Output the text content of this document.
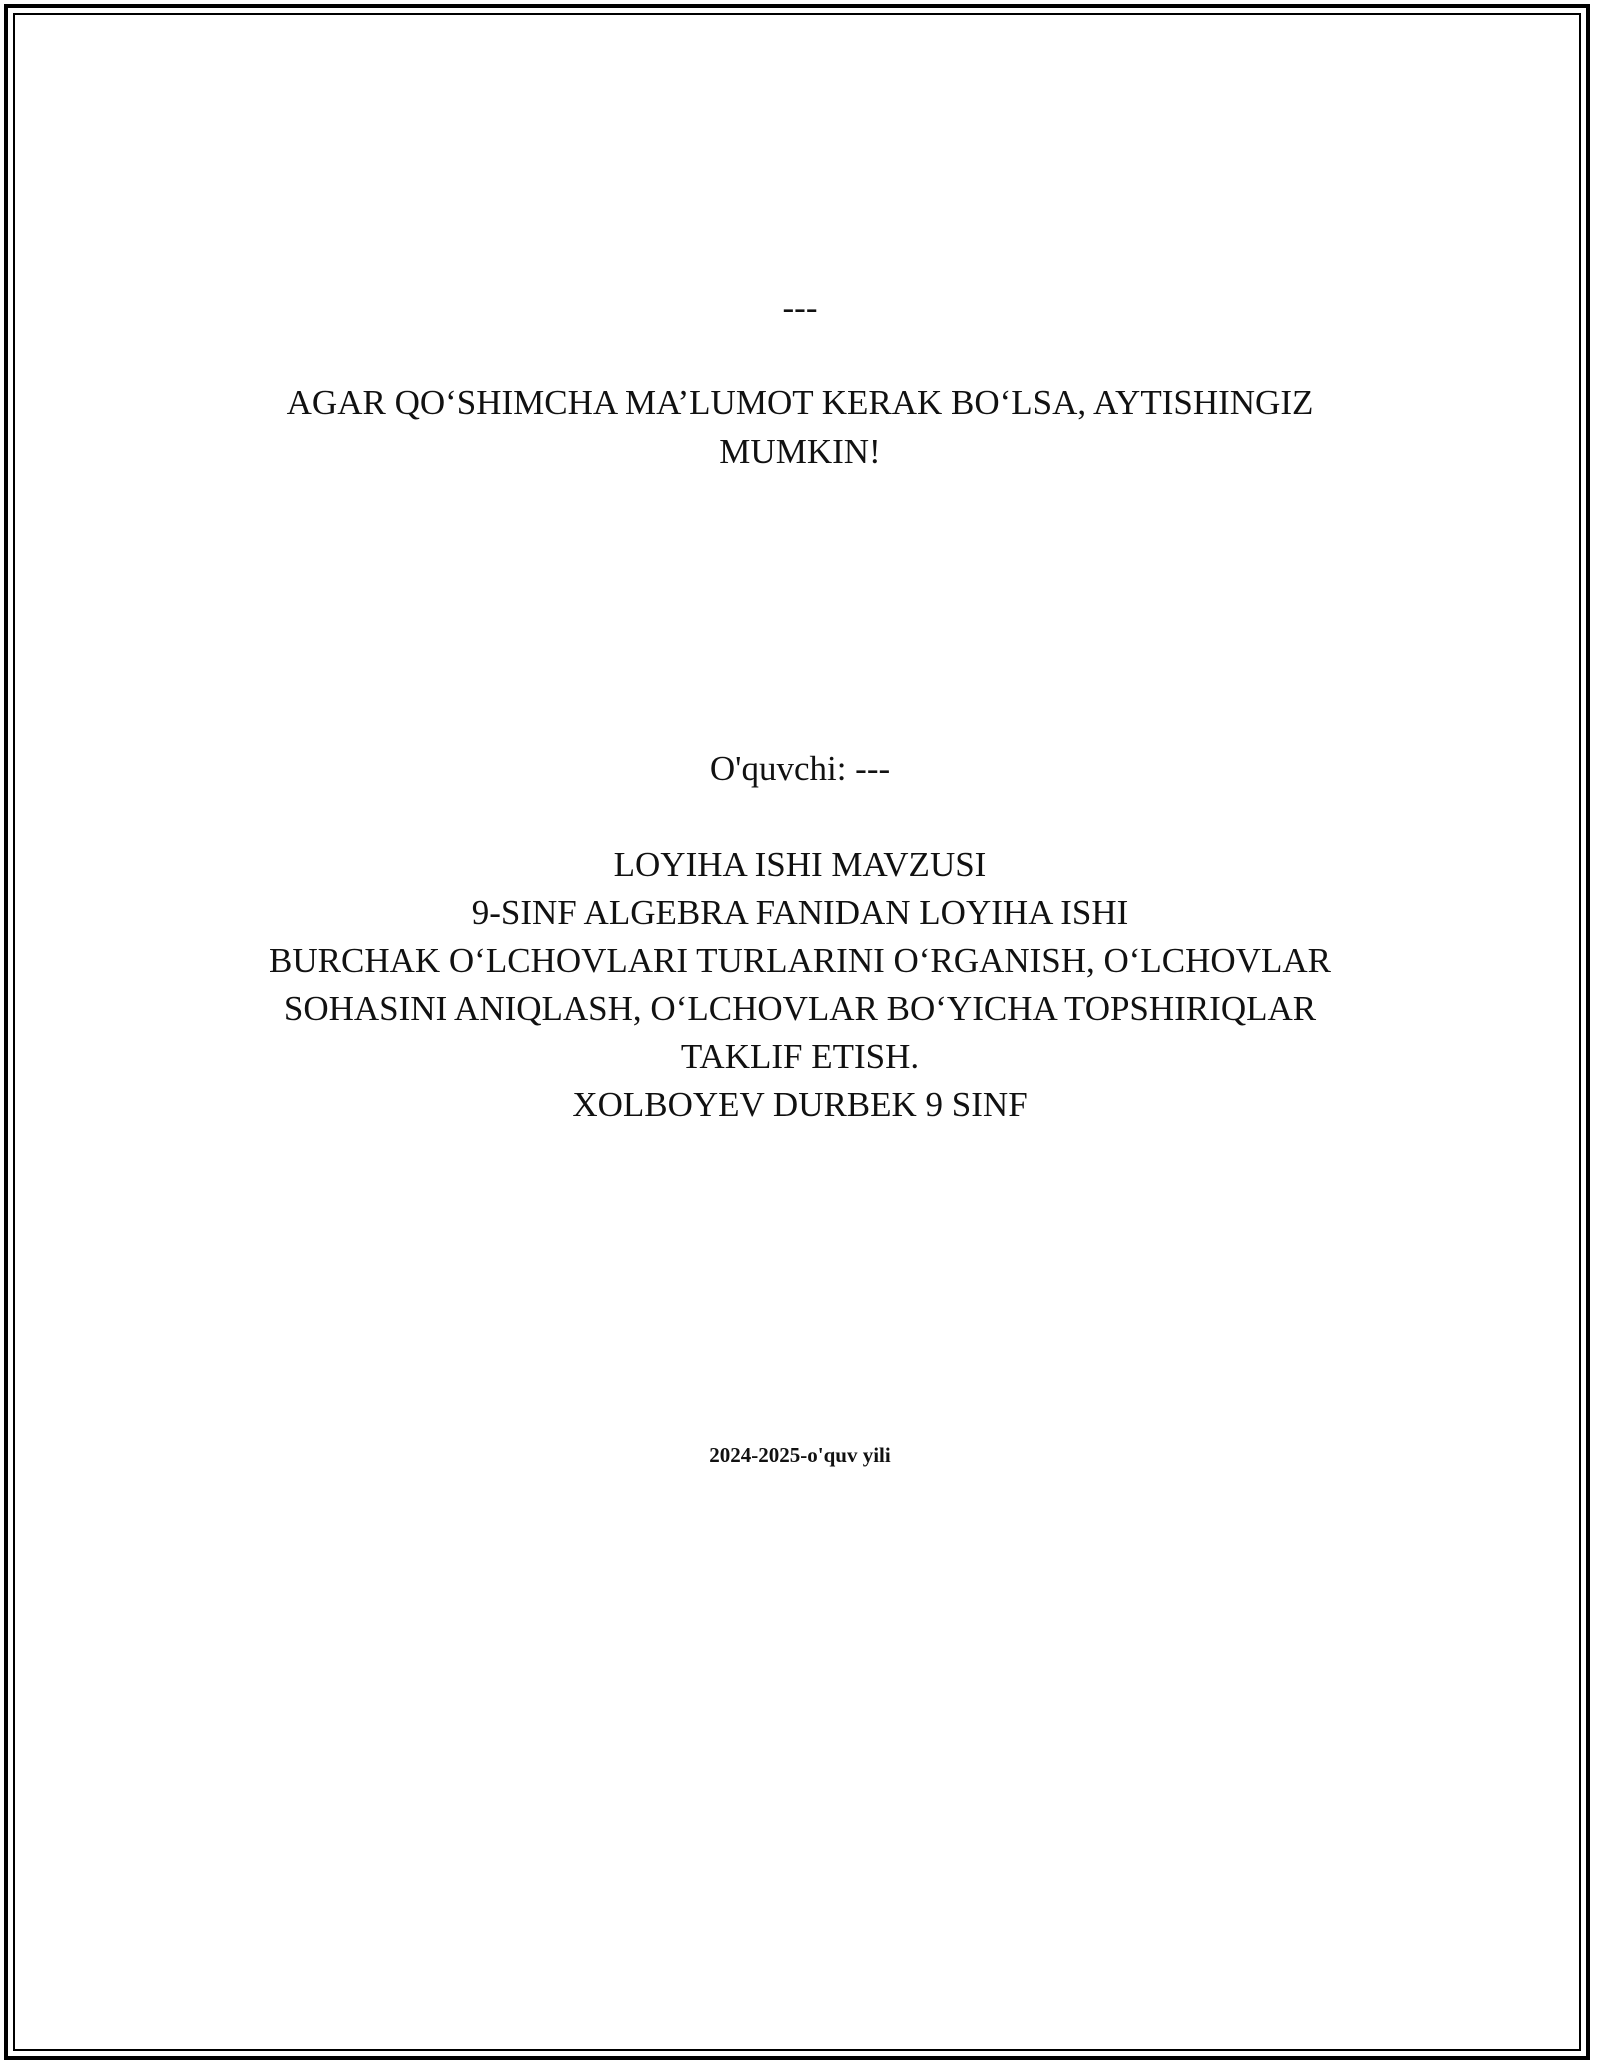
---
AGAR QO‘SHIMCHA MA’LUMOT KERAK BO‘LSA, AYTISHINGIZ
MUMKIN!
O'quvchi: ---
LOYIHA ISHI MAVZUSI
9-SINF ALGEBRA FANIDAN LOYIHA ISHI
BURCHAK O‘LCHOVLARI TURLARINI O‘RGANISH, O‘LCHOVLAR
SOHASINI ANIQLASH, O‘LCHOVLAR BO‘YICHA TOPSHIRIQLAR
TAKLIF ETISH.
XOLBOYEV DURBEK 9 SINF
2024-2025-o'quv yili
